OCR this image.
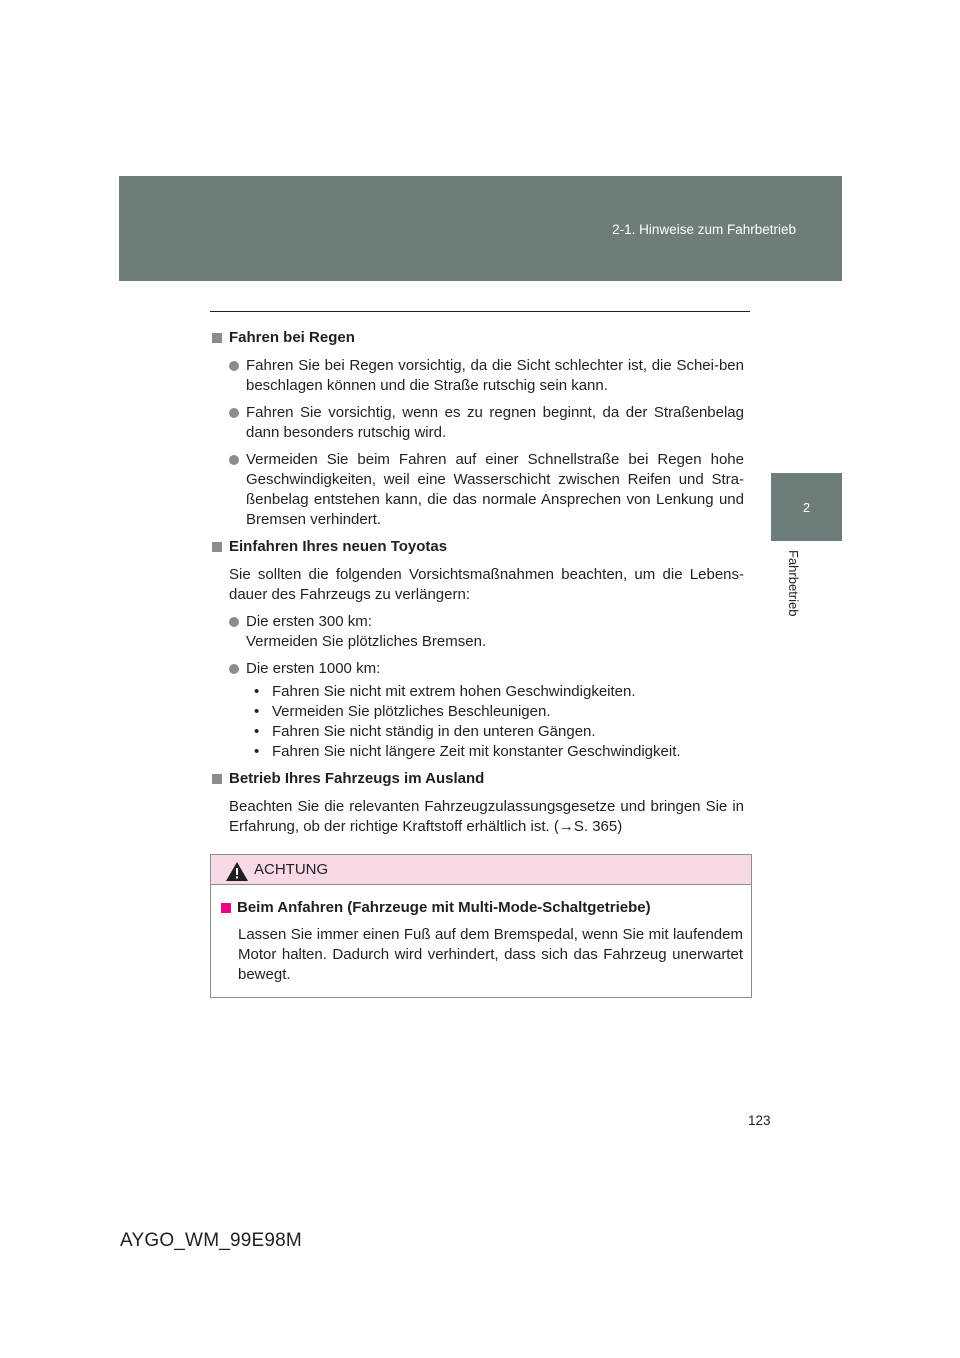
2-1. Hinweise zum Fahrbetrieb
2
Fahrbetrieb
Fahren bei Regen
Fahren Sie bei Regen vorsichtig, da die Sicht schlechter ist, die Schei-ben beschlagen können und die Straße rutschig sein kann.
Fahren Sie vorsichtig, wenn es zu regnen beginnt, da der Straßenbelag dann besonders rutschig wird.
Vermeiden Sie beim Fahren auf einer Schnellstraße bei Regen hohe Geschwindigkeiten, weil eine Wasserschicht zwischen Reifen und Stra-ßenbelag entstehen kann, die das normale Ansprechen von Lenkung und Bremsen verhindert.
Einfahren Ihres neuen Toyotas
Sie sollten die folgenden Vorsichtsmaßnahmen beachten, um die Lebens-dauer des Fahrzeugs zu verlängern:
Die ersten 300 km:
Vermeiden Sie plötzliches Bremsen.
Die ersten 1000 km:
• Fahren Sie nicht mit extrem hohen Geschwindigkeiten.
• Vermeiden Sie plötzliches Beschleunigen.
• Fahren Sie nicht ständig in den unteren Gängen.
• Fahren Sie nicht längere Zeit mit konstanter Geschwindigkeit.
Betrieb Ihres Fahrzeugs im Ausland
Beachten Sie die relevanten Fahrzeugzulassungsgesetze und bringen Sie in Erfahrung, ob der richtige Kraftstoff erhältlich ist. (→S. 365)
ACHTUNG
Beim Anfahren (Fahrzeuge mit Multi-Mode-Schaltgetriebe)
Lassen Sie immer einen Fuß auf dem Bremspedal, wenn Sie mit laufendem Motor halten. Dadurch wird verhindert, dass sich das Fahrzeug unerwartet bewegt.
123
AYGO_WM_99E98M
